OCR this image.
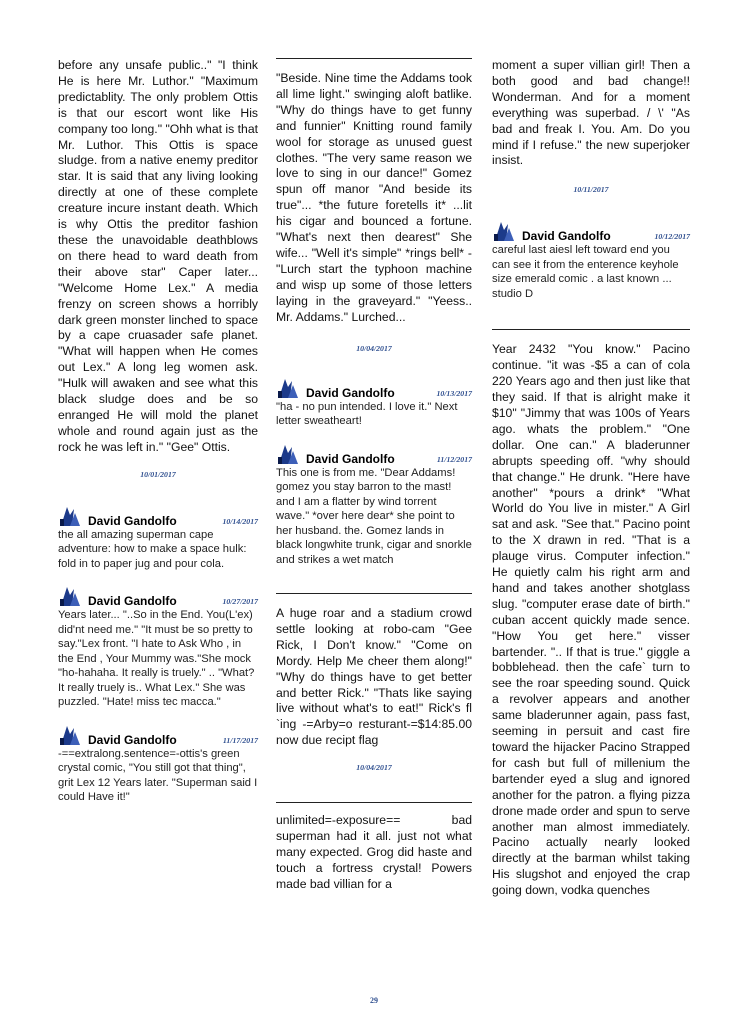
before any unsafe public.." "I think He is here Mr. Luthor." "Maximum predictablity. The only problem Ottis is that our escort wont like His company too long." "Ohh what is that Mr. Luthor. This Ottis is space sludge. from a native enemy preditor star. It is said that any living looking directly at one of these complete creature incure instant death. Which is why Ottis the preditor fashion these the unavoidable deathblows on there head to ward death from their above star" Caper later... "Welcome Home Lex." A media frenzy on screen shows a horribly dark green monster linched to space by a cape cruasader safe planet. "What will happen when He comes out Lex." A long leg women ask. "Hulk will awaken and see what this black sludge does and be so enranged He will mold the planet whole and round again just as the rock he was left in." "Gee" Ottis.

10/01/2017
David Gandolfo	10/14/2017

the all amazing superman cape adventure: how to make a space hulk: fold in to paper jug and pour cola.

David Gandolfo	10/27/2017

Years later... "..So in the End. You(L'ex) did'nt need me." "It must be so pretty to say."Lex front. "I hate to Ask Who , in the End , Your Mummy was."She mock "ho-hahaha. It really is truely." .. "What? It really truely is.. What Lex." She was puzzled. "Hate! miss tec macca."

David Gandolfo	11/17/2017

-==extralong.sentence=-ottis's green crystal comic, "You still got that thing", grit Lex 12 Years later. "Superman said I could Have it!"

"Beside. Nine time the Addams took all lime light." swinging aloft batlike. "Why do things have to get funny and funnier" Knitting round family wool for storage as unused guest clothes. "The very same reason we love to sing in our dance!" Gomez spun off manor "And beside its true"... *the future foretells it* ...lit his cigar and bounced a fortune. "What's next then dearest" She wife... "Well it's simple" *rings bell* - "Lurch start the typhoon machine and wisp up some of those letters laying in the graveyard." "Yeess.. Mr. Addams." Lurched...

10/04/2017
David Gandolfo	10/13/2017

"ha - no pun intended. I love it." Next letter sweatheart!

David Gandolfo	11/12/2017

This one is from me. "Dear Addams! gomez you stay barron to the mast! and I am a flatter by wind torrent wave." *over here dear* she point to her husband. the. Gomez lands in black longwhite trunk, cigar and snorkle and strikes a wet match

A huge roar and a stadium crowd settle looking at robo-cam "Gee Rick, I Don't know." "Come on Mordy. Help Me cheer them along!" "Why do things have to get better and better Rick." "Thats like saying live without what's to eat!" Rick's fl `ing -=Arby=o resturant-=$14:85.00 now due recipt flag

10/04/2017

unlimited=-exposure== bad superman had it all. just not what many expected. Grog did haste and touch a fortress crystal! Powers made bad villian for a

moment a super villian girl! Then a both good and bad change!! Wonderman. And for a moment everything was superbad. / \' "As bad and freak I. You. Am. Do you mind if I refuse." the new superjoker insist.

10/11/2017
David Gandolfo	10/12/2017

careful last aiesl left toward end you can see it from the enterence keyhole size emerald comic . a last known ... studio D

Year 2432 "You know." Pacino continue. "it was -$5 a can of cola 220 Years ago and then just like that they said. If that is alright make it $10" "Jimmy that was 100s of Years ago. whats the problem." "One dollar. One can." A bladerunner abrupts speeding off. "why should that change." He drunk. "Here have another" *pours a drink* "What World do You live in mister." A Girl sat and ask. "See that." Pacino point to the X drawn in red. "That is a plauge virus. Computer infection." He quietly calm his right arm and hand and takes another shotglass slug. "computer erase date of birth." cuban accent quickly made sence. "How You get here." visser bartender. ".. If that is true." giggle a bobblehead. then the cafe` turn to see the roar speeding sound. Quick a revolver appears and another same bladerunner again, pass fast, seeming in persuit and cast fire toward the hijacker Pacino Strapped for cash but full of millenium the bartender eyed a slug and ignored another for the patron. a flying pizza drone made order and spun to serve another man almost immediately. Pacino actually nearly looked directly at the barman whilst taking His slugshot and enjoyed the crap going down, vodka quenches

29
